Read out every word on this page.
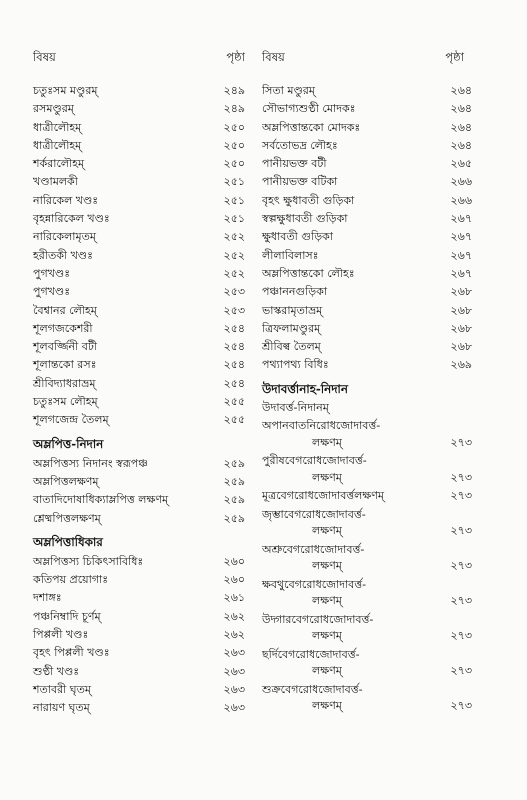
বিষয়	পৃষ্ঠা
চতুঃসম মণ্ডুরম্	২৪৯
রসমণ্ডুরম্	২৪৯
ধাত্রীলৌহম্	২৫০
ধাত্রীলৌহম্	২৫০
শর্করালৌহম্	২৫০
খণ্ডামলকী	২৫১
নারিকেল খণ্ডঃ	২৫১
বৃহন্নারিকেল খণ্ডঃ	২৫১
নারিকেলামৃতম্	২৫২
হরীতকী খণ্ডঃ	২৫২
পুগখণ্ডঃ	২৫২
পুগখণ্ডঃ	২৫৩
বৈশ্বানর লৌহম্	২৫৩
শূলগজকেশরী	২৫৪
শূলবর্জ্জিনী বটী	২৫৪
শূলান্তকো রসঃ	২৫৪
শ্রীবিদ্যাধরাভ্রম্	২৫৪
চতুঃসম লৌহম্	২৫৫
শূলগজেন্দ্র তৈলম্	২৫৫
অম্লপিত্ত-নিদান
অম্লপিত্তস্য নিদানং স্বরূপঞ্চ	২৫৯
অম্লপিত্তলক্ষণম্	২৫৯
বাতাদিদোষাধিক্যাম্লপিত্ত লক্ষণম্	২৫৯
শ্লেষ্মপিত্তলক্ষণম্	২৫৯
অম্লপিত্তাধিকার
অম্লপিত্তস্য চিকিৎসাবিধিঃ	২৬০
কতিপয় প্রয়োগাঃ	২৬০
দশাঙ্গঃ	২৬১
পঞ্চনিম্বাদি চূর্ণম্	২৬২
পিপ্পলী খণ্ডঃ	২৬২
বৃহৎ পিপ্পলী খণ্ডঃ	২৬৩
শুণ্ঠী খণ্ডঃ	২৬৩
শতাবরী ঘৃতম্	২৬৩
নারায়ণ ঘৃতম্	২৬৩
বিষয়	পৃষ্ঠা
সিতা মণ্ডুরম্	২৬৪
সৌভাগ্যশুণ্ঠী মোদকঃ	২৬৪
অম্লপিত্তান্তকো মোদকঃ	২৬৪
সর্বতোভদ্র লৌহঃ	২৬৪
পানীয়ভক্ত বটী	২৬৫
পানীয়ভক্ত বটিকা	২৬৬
বৃহৎ ক্ষুধাবতী গুড়িকা	২৬৬
স্বল্পক্ষুধাবতী গুড়িকা	২৬৭
ক্ষুধাবতী গুড়িকা	২৬৭
লীলাবিলাসঃ	২৬৭
অম্লপিত্তান্তকো লৌহঃ	২৬৭
পঞ্চাননগুড়িকা	২৬৮
ভাস্করামৃতাভ্রম্	২৬৮
ত্রিফলামণ্ডুরম্	২৬৮
শ্রীবিল্ব তৈলম্	২৬৮
পথ্যাপথ্য বিধিঃ	২৬৯
উদাবর্ত্তানাহ-নিদান
উদাবর্ত্ত-নিদানম্
অপানবাতনিরোধজোদাবর্ত্ত-
লক্ষণম্	২৭৩
পুরীষবেগরোধজোদাবর্ত্ত-
লক্ষণম্	২৭৩
মূত্রবেগরোধজোদাবর্ত্তলক্ষণম্	২৭৩
জৃম্ভাবেগরোধজোদাবর্ত্ত-
লক্ষণম্	২৭৩
অশ্রুবেগরোধজোদাবর্ত্ত-
লক্ষণম্	২৭৩
ক্ষবথুবেগরোধজোদাবর্ত্ত-
লক্ষণম্	২৭৩
উদ্গারবেগরোধজোদাবর্ত্ত-
লক্ষণম্	২৭৩
ছর্দিবেগরোধজোদাবর্ত্ত-
লক্ষণম্	২৭৩
শুক্রবেগরোধজোদাবর্ত্ত-
লক্ষণম্	২৭৩
